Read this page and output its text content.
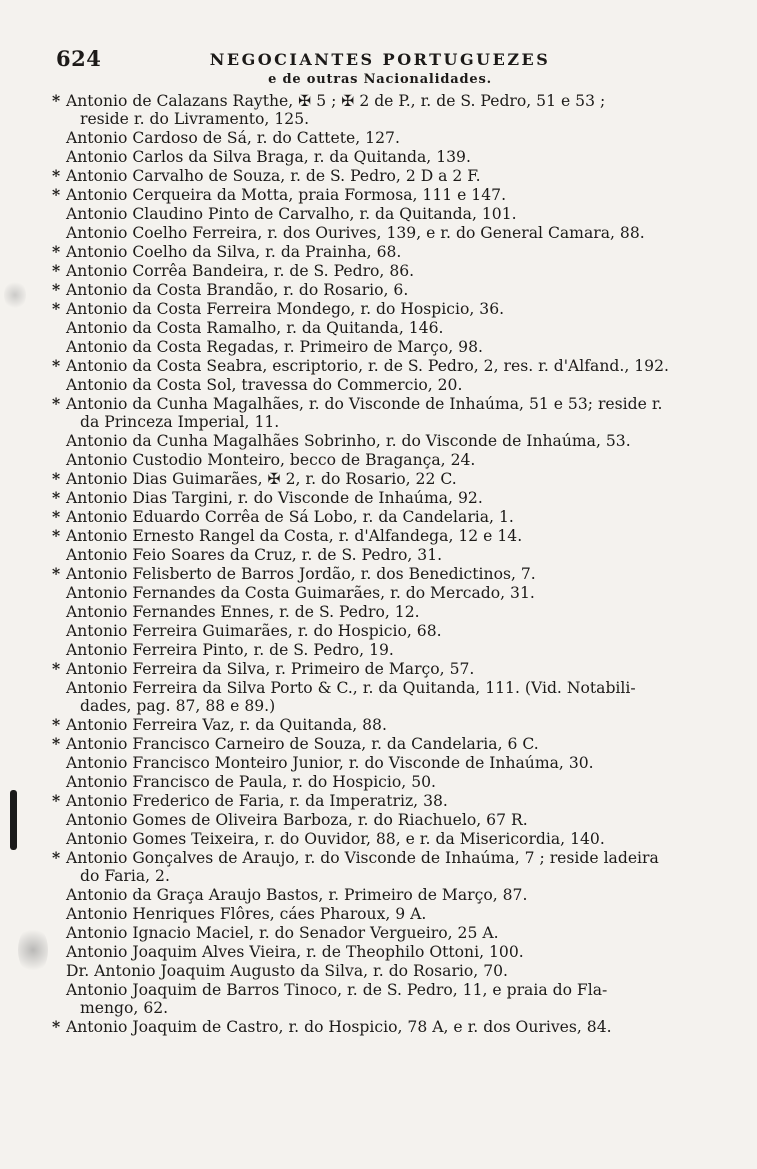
624	NEGOCIANTES PORTUGUEZES
e de outras Nacionalidades.
* Antonio de Calazans Raythe, ✠ 5 ; ✠ 2 de P., r. de S. Pedro, 51 e 53 ;
reside r. do Livramento, 125.
Antonio Cardoso de Sá, r. do Cattete, 127.
Antonio Carlos da Silva Braga, r. da Quitanda, 139.
* Antonio Carvalho de Souza, r. de S. Pedro, 2 D a 2 F.
* Antonio Cerqueira da Motta, praia Formosa, 111 e 147.
Antonio Claudino Pinto de Carvalho, r. da Quitanda, 101.
Antonio Coelho Ferreira, r. dos Ourives, 139, e r. do General Camara, 88.
* Antonio Coelho da Silva, r. da Prainha, 68.
* Antonio Corrêa Bandeira, r. de S. Pedro, 86.
* Antonio da Costa Brandão, r. do Rosario, 6.
* Antonio da Costa Ferreira Mondego, r. do Hospicio, 36.
Antonio da Costa Ramalho, r. da Quitanda, 146.
Antonio da Costa Regadas, r. Primeiro de Março, 98.
* Antonio da Costa Seabra, escriptorio, r. de S. Pedro, 2, res. r. d'Alfand., 192.
Antonio da Costa Sol, travessa do Commercio, 20.
* Antonio da Cunha Magalhães, r. do Visconde de Inhaúma, 51 e 53; reside r.
da Princeza Imperial, 11.
Antonio da Cunha Magalhães Sobrinho, r. do Visconde de Inhaúma, 53.
Antonio Custodio Monteiro, becco de Bragança, 24.
* Antonio Dias Guimarães, ✠ 2, r. do Rosario, 22 C.
* Antonio Dias Targini, r. do Visconde de Inhaúma, 92.
* Antonio Eduardo Corrêa de Sá Lobo, r. da Candelaria, 1.
* Antonio Ernesto Rangel da Costa, r. d'Alfandega, 12 e 14.
Antonio Feio Soares da Cruz, r. de S. Pedro, 31.
* Antonio Felisberto de Barros Jordão, r. dos Benedictinos, 7.
Antonio Fernandes da Costa Guimarães, r. do Mercado, 31.
Antonio Fernandes Ennes, r. de S. Pedro, 12.
Antonio Ferreira Guimarães, r. do Hospicio, 68.
Antonio Ferreira Pinto, r. de S. Pedro, 19.
* Antonio Ferreira da Silva, r. Primeiro de Março, 57.
Antonio Ferreira da Silva Porto & C., r. da Quitanda, 111. (Vid. Notabili-
dades, pag. 87, 88 e 89.)
* Antonio Ferreira Vaz, r. da Quitanda, 88.
* Antonio Francisco Carneiro de Souza, r. da Candelaria, 6 C.
Antonio Francisco Monteiro Junior, r. do Visconde de Inhaúma, 30.
Antonio Francisco de Paula, r. do Hospicio, 50.
* Antonio Frederico de Faria, r. da Imperatriz, 38.
Antonio Gomes de Oliveira Barboza, r. do Riachuelo, 67 R.
Antonio Gomes Teixeira, r. do Ouvidor, 88, e r. da Misericordia, 140.
* Antonio Gonçalves de Araujo, r. do Visconde de Inhaúma, 7 ; reside ladeira
do Faria, 2.
Antonio da Graça Araujo Bastos, r. Primeiro de Março, 87.
Antonio Henriques Flôres, cáes Pharoux, 9 A.
Antonio Ignacio Maciel, r. do Senador Vergueiro, 25 A.
Antonio Joaquim Alves Vieira, r. de Theophilo Ottoni, 100.
Dr. Antonio Joaquim Augusto da Silva, r. do Rosario, 70.
Antonio Joaquim de Barros Tinoco, r. de S. Pedro, 11, e praia do Fla-
mengo, 62.
* Antonio Joaquim de Castro, r. do Hospicio, 78 A, e r. dos Ourives, 84.
